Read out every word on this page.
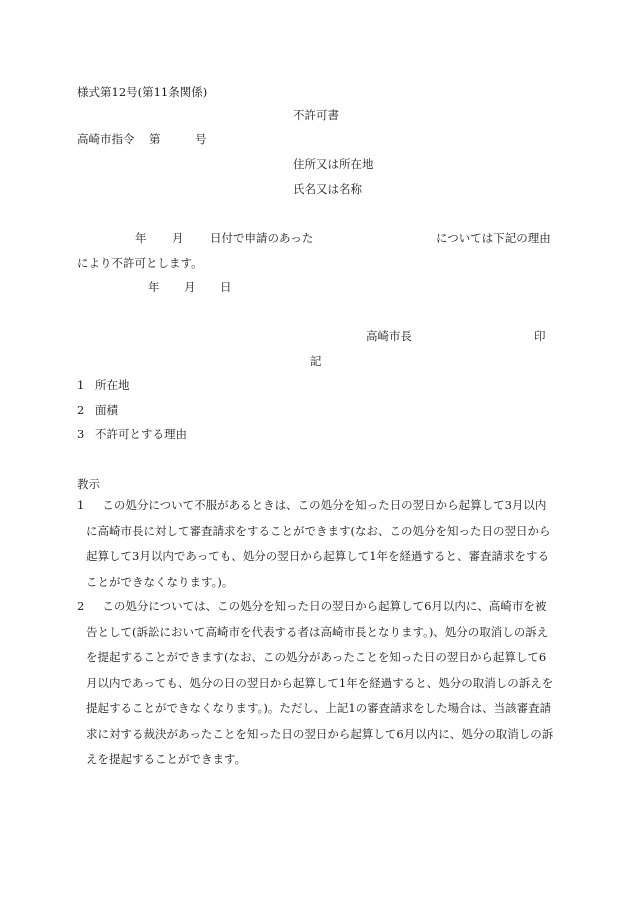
様式第12号(第11条関係)
不許可書
高崎市指令 第	号
住所又は所在地
氏名又は名称
年 月 日付で申請のあった	については下記の理由
により不許可とします。
年 月 日
高崎市長	印
記
1 所在地
2 面積
3 不許可とする理由
教示
1 この処分について不服があるときは、この処分を知った日の翌日から起算して3月以内に高崎市長に対して審査請求をすることができます(なお、この処分を知った日の翌日から起算して3月以内であっても、処分の翌日から起算して1年を経過すると、審査請求をすることができなくなります。)。
2 この処分については、この処分を知った日の翌日から起算して6月以内に、高崎市を被告として(訴訟において高崎市を代表する者は高崎市長となります。)、処分の取消しの訴えを提起することができます(なお、この処分があったことを知った日の翌日から起算して6月以内であっても、処分の日の翌日から起算して1年を経過すると、処分の取消しの訴えを提起することができなくなります。)。ただし、上記1の審査請求をした場合は、当該審査請求に対する裁決があったことを知った日の翌日から起算して6月以内に、処分の取消しの訴えを提起することができます。
